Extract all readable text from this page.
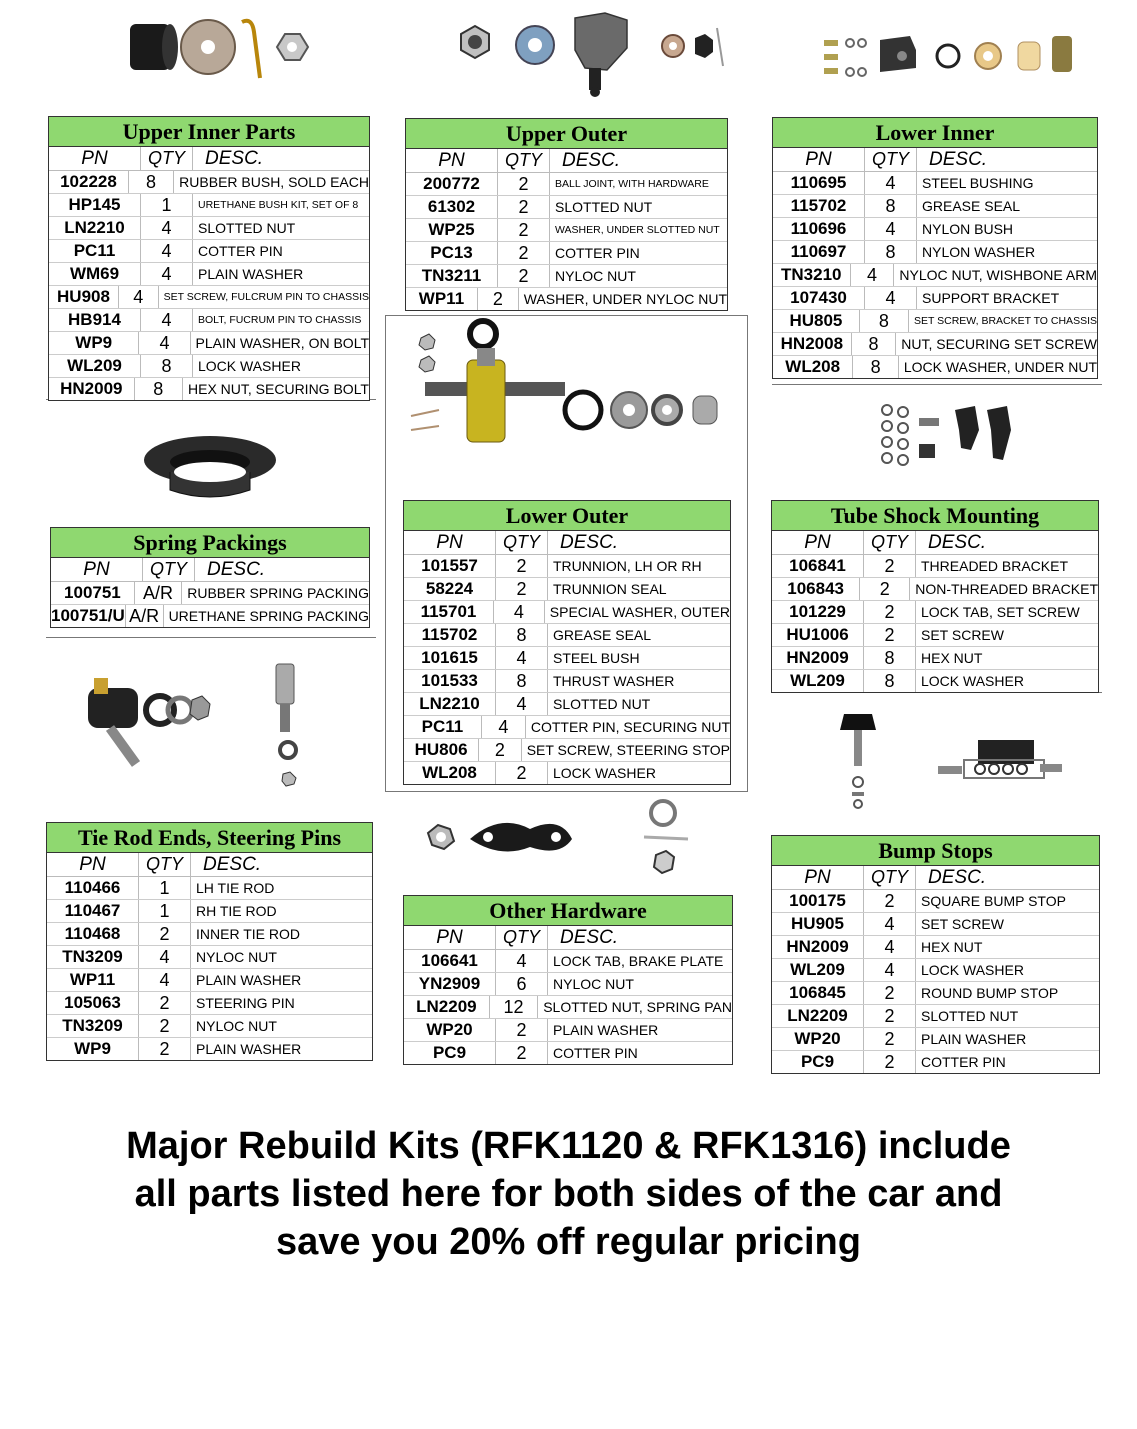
Upper Inner Parts
PN	QTY	DESC.
102228	8	RUBBER BUSH, SOLD EACH
HP145	1	URETHANE BUSH KIT, SET OF 8
LN2210	4	SLOTTED NUT
PC11	4	COTTER PIN
WM69	4	PLAIN WASHER
HU908	4	SET SCREW, FULCRUM PIN TO CHASSIS
HB914	4	BOLT, FUCRUM PIN TO CHASSIS
WP9	4	PLAIN WASHER, ON BOLT
WL209	8	LOCK WASHER
HN2009	8	HEX NUT, SECURING BOLT
Upper Outer
PN	QTY	DESC.
200772	2	BALL JOINT, WITH HARDWARE
61302	2	SLOTTED NUT
WP25	2	WASHER, UNDER SLOTTED NUT
PC13	2	COTTER PIN
TN3211	2	NYLOC NUT
WP11	2	WASHER, UNDER NYLOC NUT
Lower Inner
PN	QTY	DESC.
110695	4	STEEL BUSHING
115702	8	GREASE SEAL
110696	4	NYLON BUSH
110697	8	NYLON WASHER
TN3210	4	NYLOC NUT, WISHBONE ARM
107430	4	SUPPORT BRACKET
HU805	8	SET SCREW, BRACKET TO CHASSIS
HN2008	8	NUT, SECURING SET SCREW
WL208	8	LOCK WASHER, UNDER NUT
Spring Packings
PN	QTY	DESC.
100751	A/R	RUBBER SPRING PACKING
100751/U A/R URETHANE SPRING PACKING
Lower Outer
PN	QTY	DESC.
101557	2	TRUNNION, LH OR RH
58224	2	TRUNNION SEAL
115701	4	SPECIAL WASHER, OUTER
115702	8	GREASE SEAL
101615	4	STEEL BUSH
101533	8	THRUST WASHER
LN2210	4	SLOTTED NUT
PC11	4	COTTER PIN, SECURING NUT
HU806	2	SET SCREW, STEERING STOP
WL208	2	LOCK WASHER
Tube Shock Mounting
PN	QTY	DESC.
106841	2	THREADED BRACKET
106843	2	NON-THREADED BRACKET
101229	2	LOCK TAB, SET SCREW
HU1006	2	SET SCREW
HN2009	8	HEX NUT
WL209	8	LOCK WASHER
Tie Rod Ends, Steering Pins
PN	QTY	DESC.
110466	1	LH TIE ROD
110467	1	RH TIE ROD
110468	2	INNER TIE ROD
TN3209	4	NYLOC NUT
WP11	4	PLAIN WASHER
105063	2	STEERING PIN
TN3209	2	NYLOC NUT
WP9	2	PLAIN WASHER
Other Hardware
PN	QTY	DESC.
106641	4	LOCK TAB, BRAKE PLATE
YN2909	6	NYLOC NUT
LN2209	12	SLOTTED NUT, SPRING PAN
WP20	2	PLAIN WASHER
PC9	2	COTTER PIN
Bump Stops
PN	QTY	DESC.
100175	2	SQUARE BUMP STOP
HU905	4	SET SCREW
HN2009	4	HEX NUT
WL209	4	LOCK WASHER
106845	2	ROUND BUMP STOP
LN2209	2	SLOTTED NUT
WP20	2	PLAIN WASHER
PC9	2	COTTER PIN
Major Rebuild Kits (RFK1120 & RFK1316) include
all parts listed here for both sides of the car and
save you 20% off regular pricing
